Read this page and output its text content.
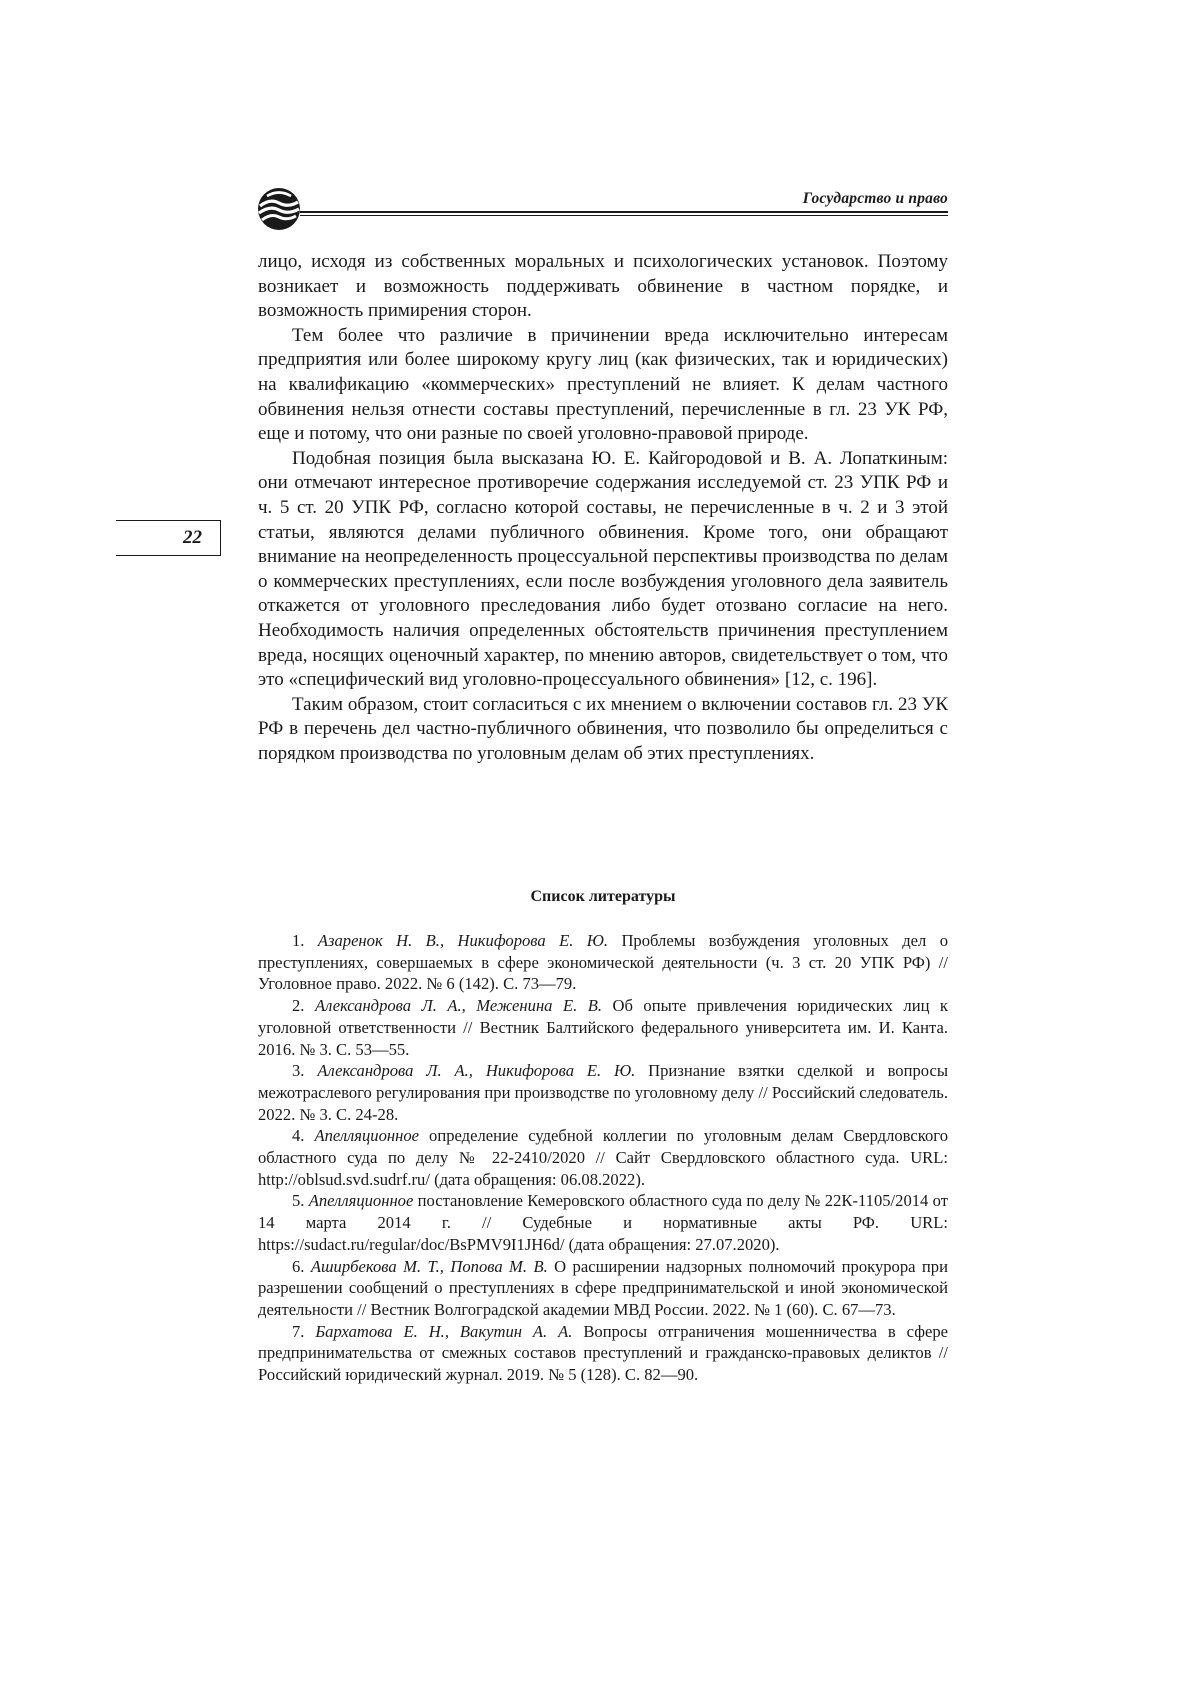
Государство и право
22

лицо, исходя из собственных моральных и психологических установок. Поэтому возникает и возможность поддерживать обвинение в частном порядке, и возможность примирения сторон.

Тем более что различие в причинении вреда исключительно интересам предприятия или более широкому кругу лиц (как физических, так и юридических) на квалификацию «коммерческих» преступлений не влияет. К делам частного обвинения нельзя отнести составы преступлений, перечисленные в гл. 23 УК РФ, еще и потому, что они разные по своей уголовно-правовой природе.

Подобная позиция была высказана Ю. Е. Кайгородовой и В. А. Лопаткиным: они отмечают интересное противоречие содержания исследуемой ст. 23 УПК РФ и ч. 5 ст. 20 УПК РФ, согласно которой составы, не перечисленные в ч. 2 и 3 этой статьи, являются делами публичного обвинения. Кроме того, они обращают внимание на неопределенность процессуальной перспективы производства по делам о коммерческих преступлениях, если после возбуждения уголовного дела заявитель откажется от уголовного преследования либо будет отозвано согласие на него. Необходимость наличия определенных обстоятельств причинения преступлением вреда, носящих оценочный характер, по мнению авторов, свидетельствует о том, что это «специфический вид уголовно-процессуального обвинения» [12, с. 196].

Таким образом, стоит согласиться с их мнением о включении составов гл. 23 УК РФ в перечень дел частно-публичного обвинения, что позволило бы определиться с порядком производства по уголовным делам об этих преступлениях.

Список литературы

1. Азаренок Н. В., Никифорова Е. Ю. Проблемы возбуждения уголовных дел о преступлениях, совершаемых в сфере экономической деятельности (ч. 3 ст. 20 УПК РФ) // Уголовное право. 2022. № 6 (142). С. 73—79.

2. Александрова Л. А., Меженина Е. В. Об опыте привлечения юридических лиц к уголовной ответственности // Вестник Балтийского федерального университета им. И. Канта. 2016. № 3. С. 53—55.

3. Александрова Л. А., Никифорова Е. Ю. Признание взятки сделкой и вопросы межотраслевого регулирования при производстве по уголовному делу // Российский следователь. 2022. № 3. С. 24-28.

4. Апелляционное определение судебной коллегии по уголовным делам Свердловского областного суда по делу № 22-2410/2020 // Сайт Свердловского областного суда. URL: http://oblsud.svd.sudrf.ru/ (дата обращения: 06.08.2022).

5. Апелляционное постановление Кемеровского областного суда по делу № 22К-1105/2014 от 14 марта 2014 г. // Судебные и нормативные акты РФ. URL: https://sudact.ru/regular/doc/BsPMV9I1JH6d/ (дата обращения: 27.07.2020).

6. Аширбекова М. Т., Попова М. В. О расширении надзорных полномочий прокурора при разрешении сообщений о преступлениях в сфере предпринимательской и иной экономической деятельности // Вестник Волгоградской академии МВД России. 2022. № 1 (60). С. 67—73.

7. Бархатова Е. Н., Вакутин А. А. Вопросы отграничения мошенничества в сфере предпринимательства от смежных составов преступлений и гражданско-правовых деликтов // Российский юридический журнал. 2019. № 5 (128). С. 82—90.
